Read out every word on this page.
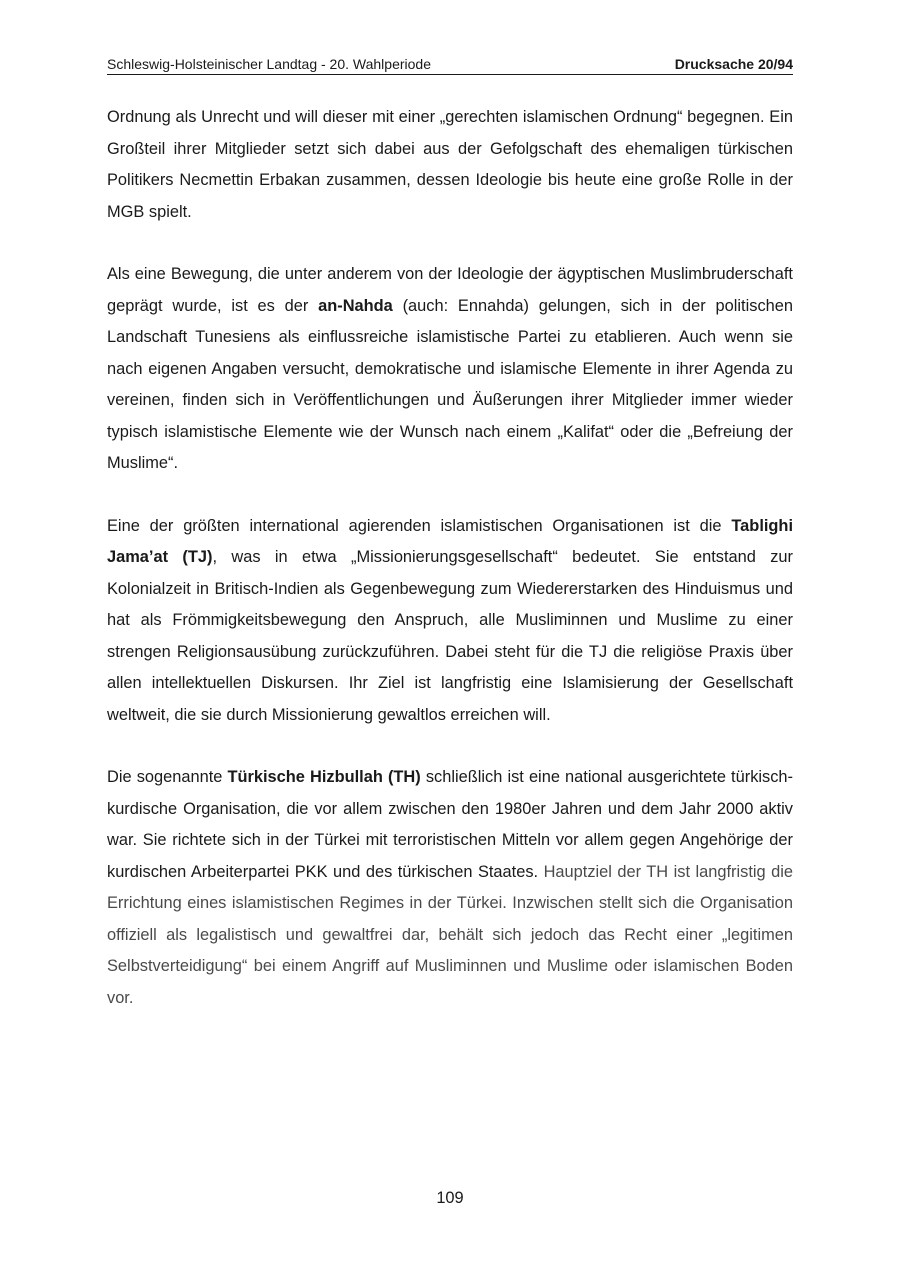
Schleswig-Holsteinischer Landtag - 20. Wahlperiode	Drucksache 20/94

Ordnung als Unrecht und will dieser mit einer „gerechten islamischen Ordnung“ begegnen. Ein Großteil ihrer Mitglieder setzt sich dabei aus der Gefolgschaft des ehemaligen türkischen Politikers Necmettin Erbakan zusammen, dessen Ideologie bis heute eine große Rolle in der MGB spielt.

Als eine Bewegung, die unter anderem von der Ideologie der ägyptischen Muslimbruderschaft geprägt wurde, ist es der an-Nahda (auch: Ennahda) gelungen, sich in der politischen Landschaft Tunesiens als einflussreiche islamistische Partei zu etablieren. Auch wenn sie nach eigenen Angaben versucht, demokratische und islamische Elemente in ihrer Agenda zu vereinen, finden sich in Veröffentlichungen und Äußerungen ihrer Mitglieder immer wieder typisch islamistische Elemente wie der Wunsch nach einem „Kalifat“ oder die „Befreiung der Muslime“.

Eine der größten international agierenden islamistischen Organisationen ist die Tablighi Jama’at (TJ), was in etwa „Missionierungsgesellschaft“ bedeutet. Sie entstand zur Kolonialzeit in Britisch-Indien als Gegenbewegung zum Wiedererstarken des Hinduismus und hat als Frömmigkeitsbewegung den Anspruch, alle Musliminnen und Muslime zu einer strengen Religionsausübung zurückzuführen. Dabei steht für die TJ die religiöse Praxis über allen intellektuellen Diskursen. Ihr Ziel ist langfristig eine Islamisierung der Gesellschaft weltweit, die sie durch Missionierung gewaltlos erreichen will.

Die sogenannte Türkische Hizbullah (TH) schließlich ist eine national ausgerichtete türkisch-kurdische Organisation, die vor allem zwischen den 1980er Jahren und dem Jahr 2000 aktiv war. Sie richtete sich in der Türkei mit terroristischen Mitteln vor allem gegen Angehörige der kurdischen Arbeiterpartei PKK und des türkischen Staates. Hauptziel der TH ist langfristig die Errichtung eines islamistischen Regimes in der Türkei. Inzwischen stellt sich die Organisation offiziell als legalistisch und gewaltfrei dar, behält sich jedoch das Recht einer „legitimen Selbstverteidigung“ bei einem Angriff auf Musliminnen und Muslime oder islamischen Boden vor.

109
